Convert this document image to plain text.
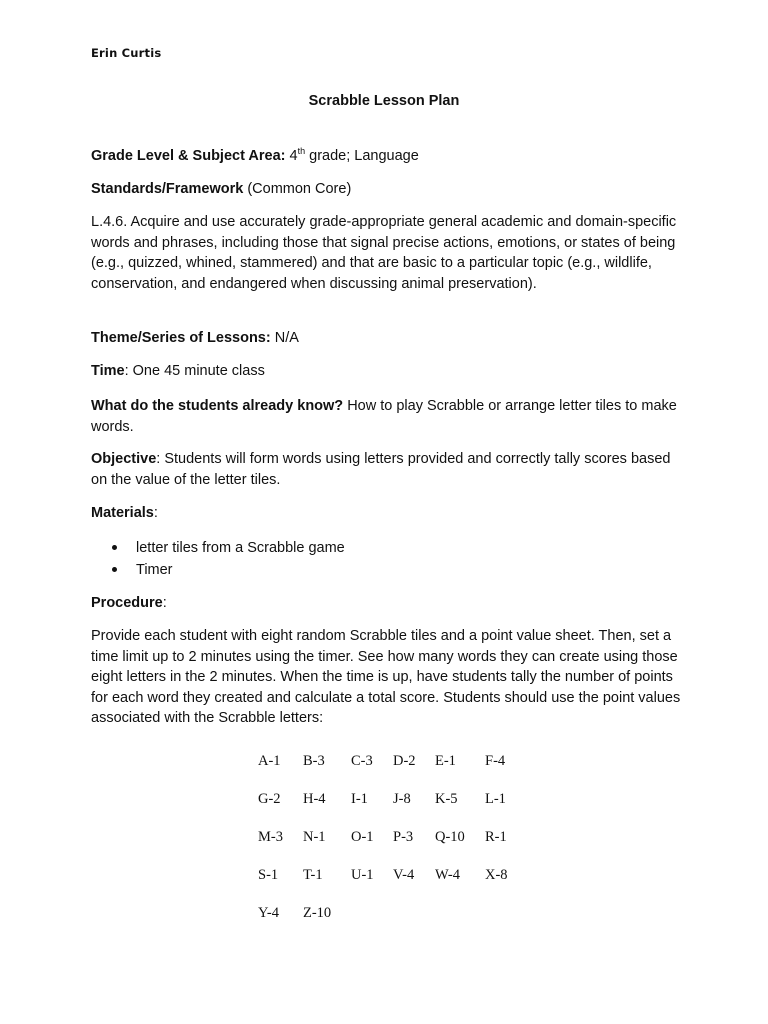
Erin Curtis
Scrabble Lesson Plan
Grade Level & Subject Area: 4th grade; Language
Standards/Framework (Common Core)
L.4.6. Acquire and use accurately grade-appropriate general academic and domain-specific words and phrases, including those that signal precise actions, emotions, or states of being (e.g., quizzed, whined, stammered) and that are basic to a particular topic (e.g., wildlife, conservation, and endangered when discussing animal preservation).
Theme/Series of Lessons: N/A
Time: One 45 minute class
What do the students already know? How to play Scrabble or arrange letter tiles to make words.
Objective: Students will form words using letters provided and correctly tally scores based on the value of the letter tiles.
Materials:
letter tiles from a Scrabble game
Timer
Procedure:
Provide each student with eight random Scrabble tiles and a point value sheet. Then, set a time limit up to 2 minutes using the timer. See how many words they can create using those eight letters in the 2 minutes. When the time is up, have students tally the number of points for each word they created and calculate a total score. Students should use the point values associated with the Scrabble letters:
A-1	B-3	C-3	D-2	E-1	F-4
G-2	H-4	I-1	J-8	K-5	L-1
M-3	N-1	O-1	P-3	Q-10	R-1
S-1	T-1	U-1	V-4	W-4	X-8
Y-4	Z-10				
